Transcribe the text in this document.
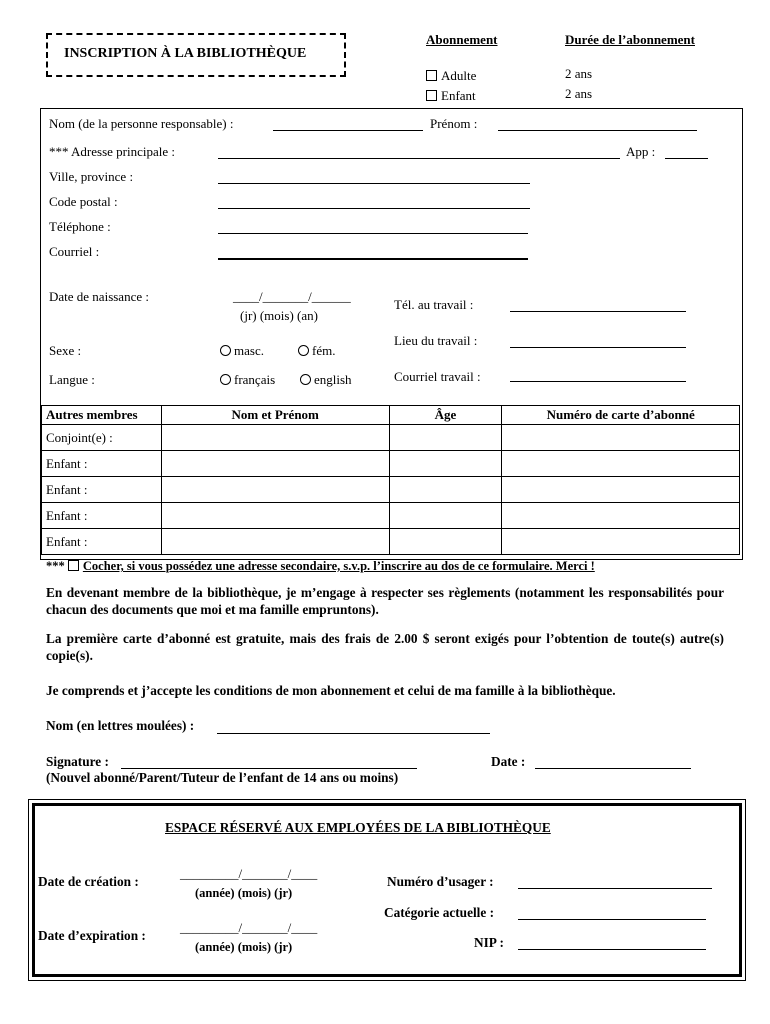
INSCRIPTION À LA BIBLIOTHÈQUE
Abonnement	Durée de l’abonnement
Adulte	2 ans
Enfant	2 ans
Nom (de la personne responsable) :	Prénom :
*** Adresse principale :	App :
Ville, province :
Code postal :
Téléphone :
Courriel :
Date de naissance :	____/_______/______
(jr) (mois) (an)
Tél. au travail :
Lieu du travail :
Sexe :	masc.	fém.
Langue :	français	english	Courriel travail :
Autres membres	Nom et Prénom	Âge	Numéro de carte d’abonné
Conjoint(e) :			
Enfant :			
Enfant :			
Enfant :			
Enfant :			
*** Cocher, si vous possédez une adresse secondaire, s.v.p. l’inscrire au dos de ce formulaire. Merci !

En devenant membre de la bibliothèque, je m’engage à respecter ses règlements (notamment les responsabilités pour chacun des documents que moi et ma famille empruntons).

La première carte d’abonné est gratuite, mais des frais de 2.00 $ seront exigés pour l’obtention de toute(s) autre(s) copie(s).

Je comprends et j’accepte les conditions de mon abonnement et celui de ma famille à la bibliothèque.

Nom (en lettres moulées) :
Signature :	Date :
(Nouvel abonné/Parent/Tuteur de l’enfant de 14 ans ou moins)
ESPACE RÉSERVÉ AUX EMPLOYÉES DE LA BIBLIOTHÈQUE
Date de création :
_________/_______/____
(année) (mois) (jr)
Date d’expiration :
_________/_______/____
(année) (mois) (jr)
Numéro d’usager :
Catégorie actuelle :
NIP :
